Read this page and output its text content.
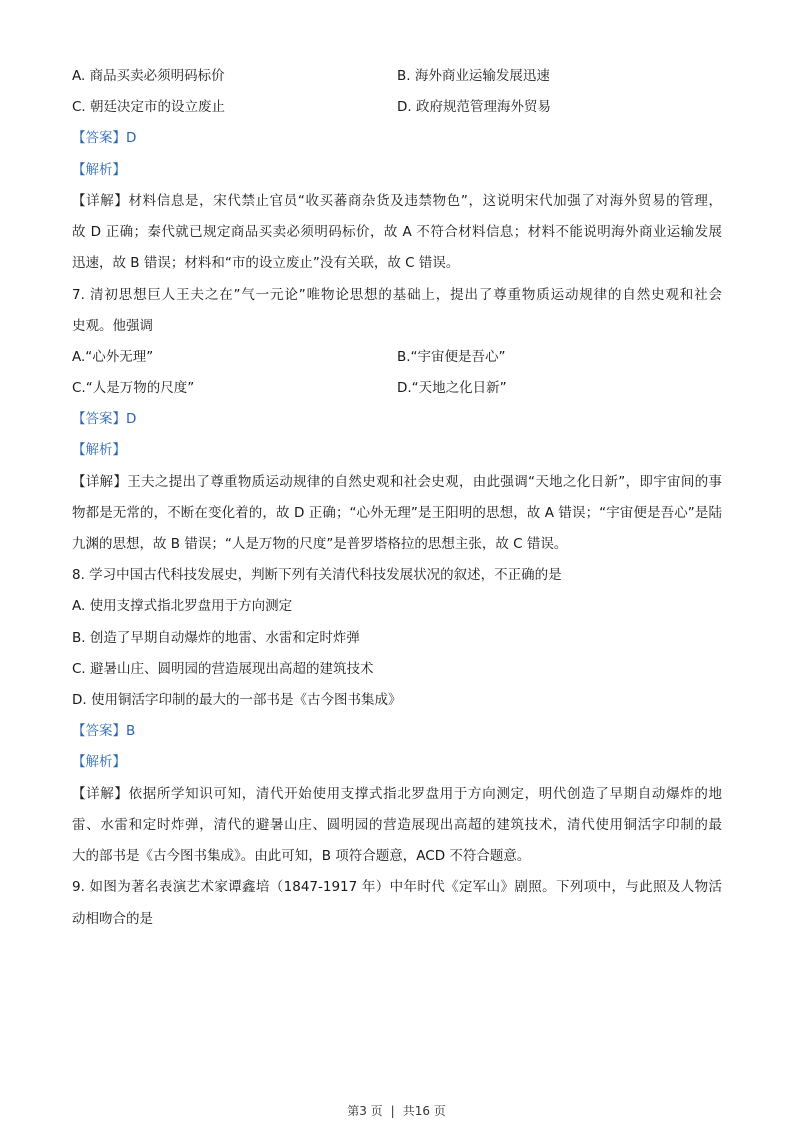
A. 商品买卖必须明码标价	B. 海外商业运输发展迅速
C. 朝廷决定市的设立废止	D. 政府规范管理海外贸易
【答案】D
【解析】
【详解】材料信息是，宋代禁止官员“收买蕃商杂货及违禁物色”，这说明宋代加强了对海外贸易的管理，
故 D 正确；秦代就已规定商品买卖必须明码标价，故 A 不符合材料信息；材料不能说明海外商业运输发展
迅速，故 B 错误；材料和“市的设立废止”没有关联，故 C 错误。
7. 清初思想巨人王夫之在”气一元论”唯物论思想的基础上，提出了尊重物质运动规律的自然史观和社会
史观。他强调
A.“心外无理”	B.“宇宙便是吾心”
C.“人是万物的尺度”	D.“天地之化日新”
【答案】D
【解析】
【详解】王夫之提出了尊重物质运动规律的自然史观和社会史观，由此强调“天地之化日新”，即宇宙间的事
物都是无常的，不断在变化着的，故 D 正确；“心外无理”是王阳明的思想，故 A 错误；“宇宙便是吾心”是陆
九渊的思想，故 B 错误；“人是万物的尺度”是普罗塔格拉的思想主张，故 C 错误。
8. 学习中国古代科技发展史，判断下列有关清代科技发展状况的叙述，不正确的是
A. 使用支撑式指北罗盘用于方向测定
B. 创造了早期自动爆炸的地雷、水雷和定时炸弹
C. 避暑山庄、圆明园的营造展现出高超的建筑技术
D. 使用铜活字印制的最大的一部书是《古今图书集成》
【答案】B
【解析】
【详解】依据所学知识可知，清代开始使用支撑式指北罗盘用于方向测定，明代创造了早期自动爆炸的地
雷、水雷和定时炸弹，清代的避暑山庄、圆明园的营造展现出高超的建筑技术，清代使用铜活字印制的最
大的部书是《古今图书集成》。由此可知，B 项符合题意，ACD 不符合题意。
9. 如图为著名表演艺术家谭鑫培（1847-1917 年）中年时代《定军山》剧照。下列项中，与此照及人物活
动相吻合的是
第3 页 | 共16 页
